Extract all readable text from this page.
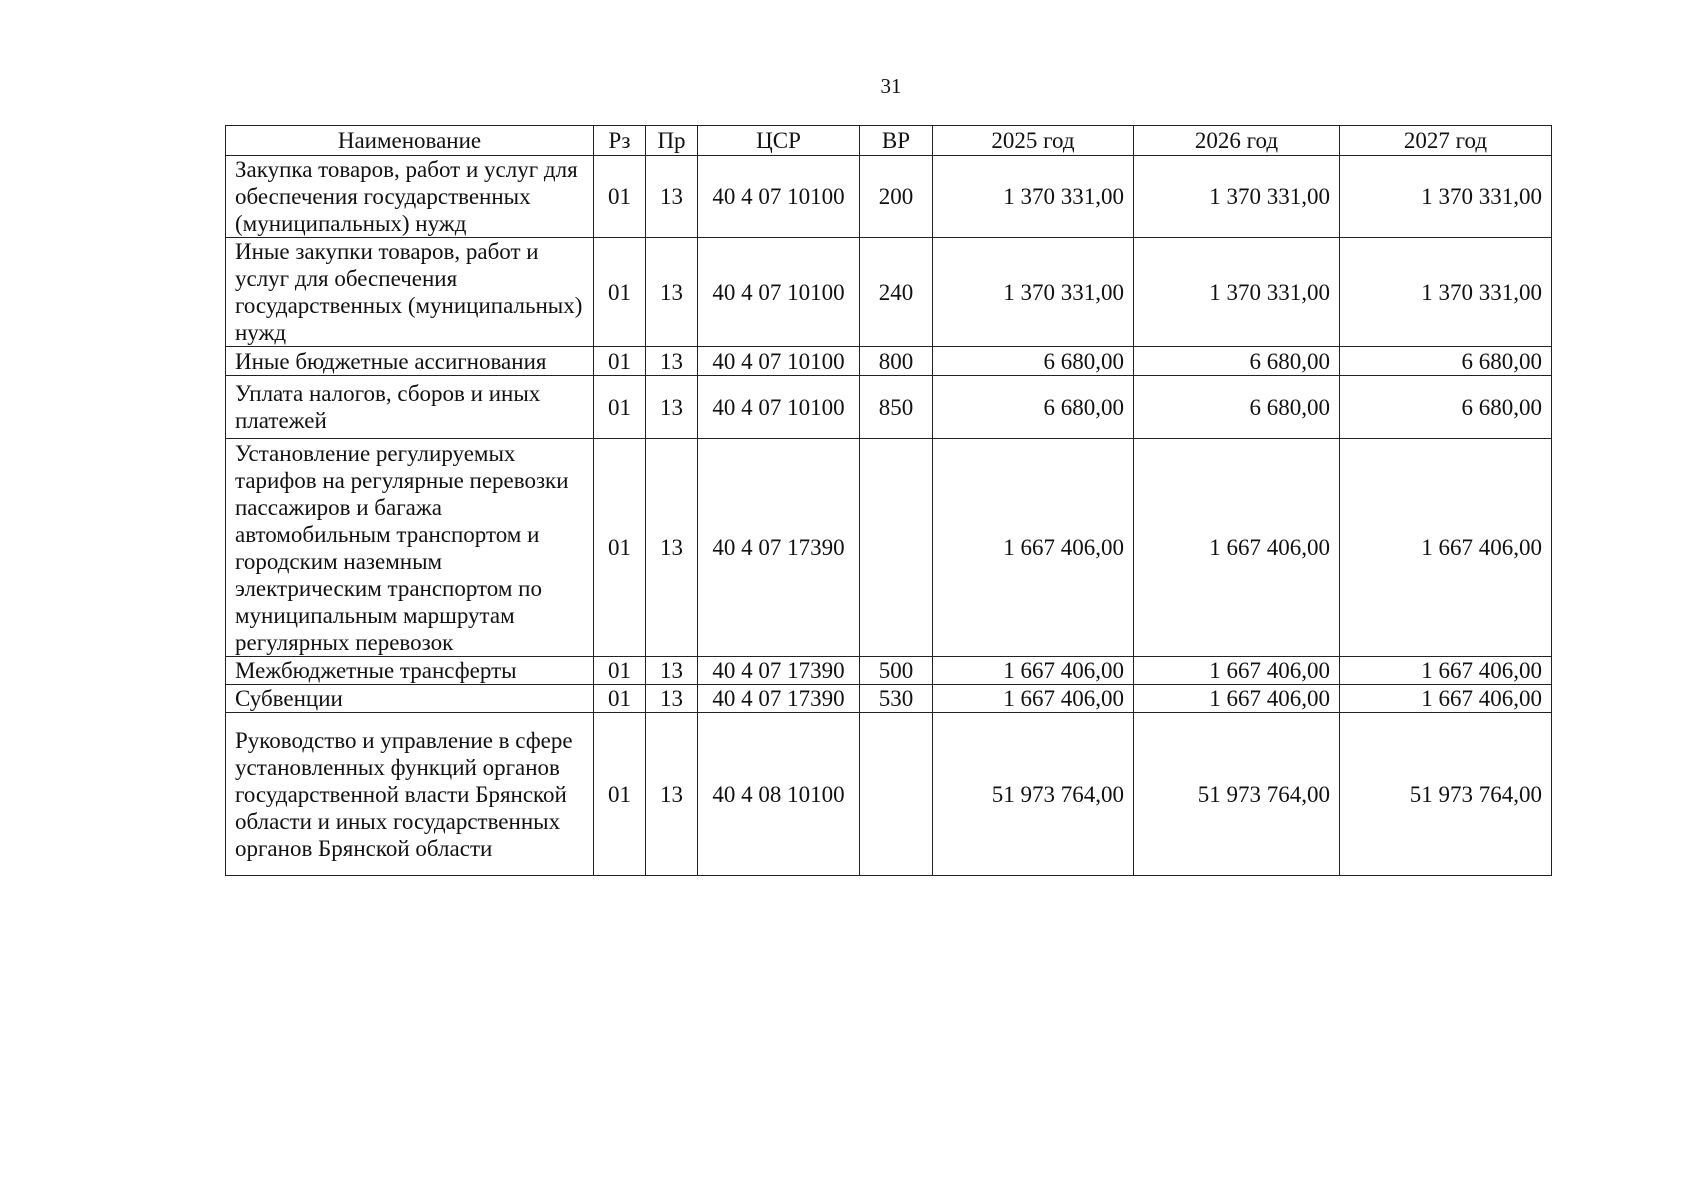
31
Наименование	Рз	Пр	ЦСР	ВР	2025 год	2026 год	2027 год
Закупка товаров, работ и услуг для обеспечения государственных (муниципальных) нужд	01	13	40 4 07 10100	200	1 370 331,00	1 370 331,00	1 370 331,00
Иные закупки товаров, работ и услуг для обеспечения государственных (муниципальных) нужд	01	13	40 4 07 10100	240	1 370 331,00	1 370 331,00	1 370 331,00
Иные бюджетные ассигнования	01	13	40 4 07 10100	800	6 680,00	6 680,00	6 680,00
Уплата налогов, сборов и иных платежей	01	13	40 4 07 10100	850	6 680,00	6 680,00	6 680,00
Установление регулируемых тарифов на регулярные перевозки пассажиров и багажа автомобильным транспортом и городским наземным электрическим транспортом по муниципальным маршрутам регулярных перевозок	01	13	40 4 07 17390		1 667 406,00	1 667 406,00	1 667 406,00
Межбюджетные трансферты	01	13	40 4 07 17390	500	1 667 406,00	1 667 406,00	1 667 406,00
Субвенции	01	13	40 4 07 17390	530	1 667 406,00	1 667 406,00	1 667 406,00
Руководство и управление в сфере установленных функций органов государственной власти Брянской области и иных государственных органов Брянской области	01	13	40 4 08 10100		51 973 764,00	51 973 764,00	51 973 764,00
